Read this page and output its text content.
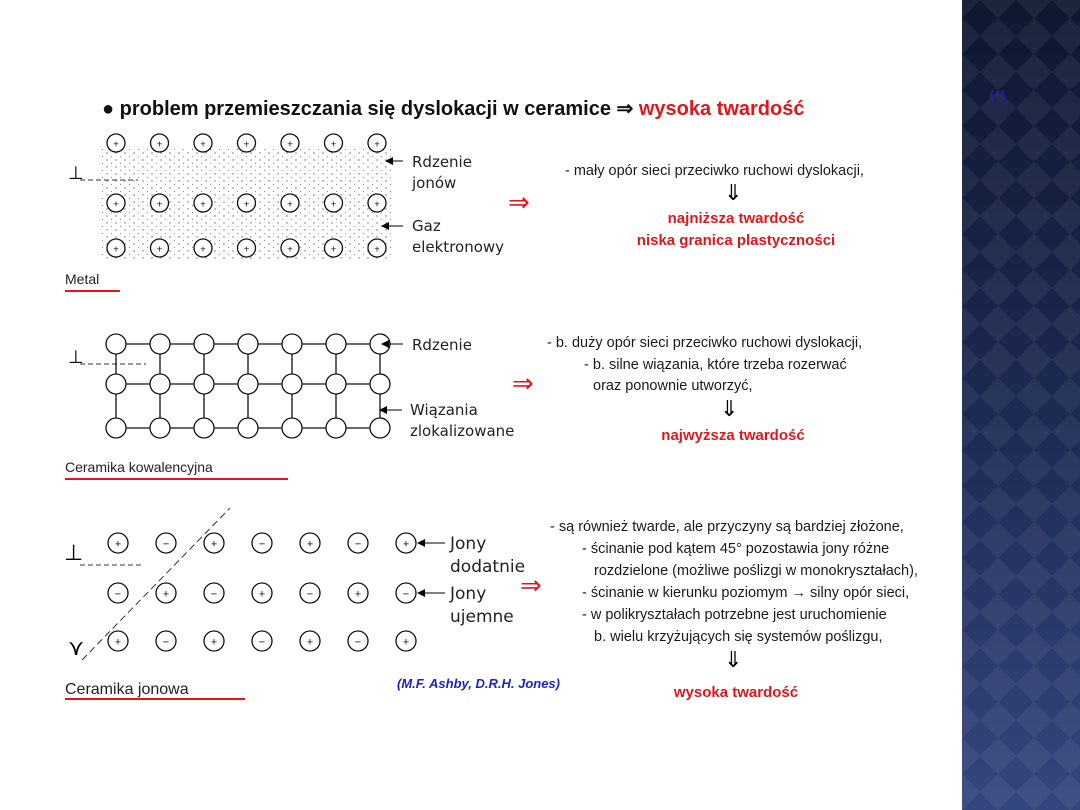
● problem przemieszczania się dyslokacji w ceramice ⇒ wysoka twardość
(+)
⊥
+	+	+	+	+	+	+
+	+	+	+	+	+	+
+	+	+	+	+	+	+
Rdzenie
jonów
Gaz
elektronowy
Metal
⇒
- mały opór sieci przeciwko ruchowi dyslokacji,
⇓
najniższa twardość
niska granica plastyczności
⊥
Rdzenie
Wiązania
zlokalizowane
Ceramika kowalencyjna
⇒
- b. duży opór sieci przeciwko ruchowi dyslokacji,
- b. silne wiązania, które trzeba rozerwać
oraz ponownie utworzyć,
⇓
najwyższa twardość
⊥
⋎
+	−	+	−	+	−	+
−	+	−	+	−	+	−
+	−	+	−	+	−	+
Jony
dodatnie
Jony
ujemne
Ceramika jonowa	(M.F. Ashby, D.R.H. Jones)
⇒
- są również twarde, ale przyczyny są bardziej złożone,
- ścinanie pod kątem 45° pozostawia jony różne
rozdzielone (możliwe poślizgi w monokryształach),
- ścinanie w kierunku poziomym → silny opór sieci,
- w polikryształach potrzebne jest uruchomienie
b. wielu krzyżujących się systemów poślizgu,
⇓
wysoka twardość
